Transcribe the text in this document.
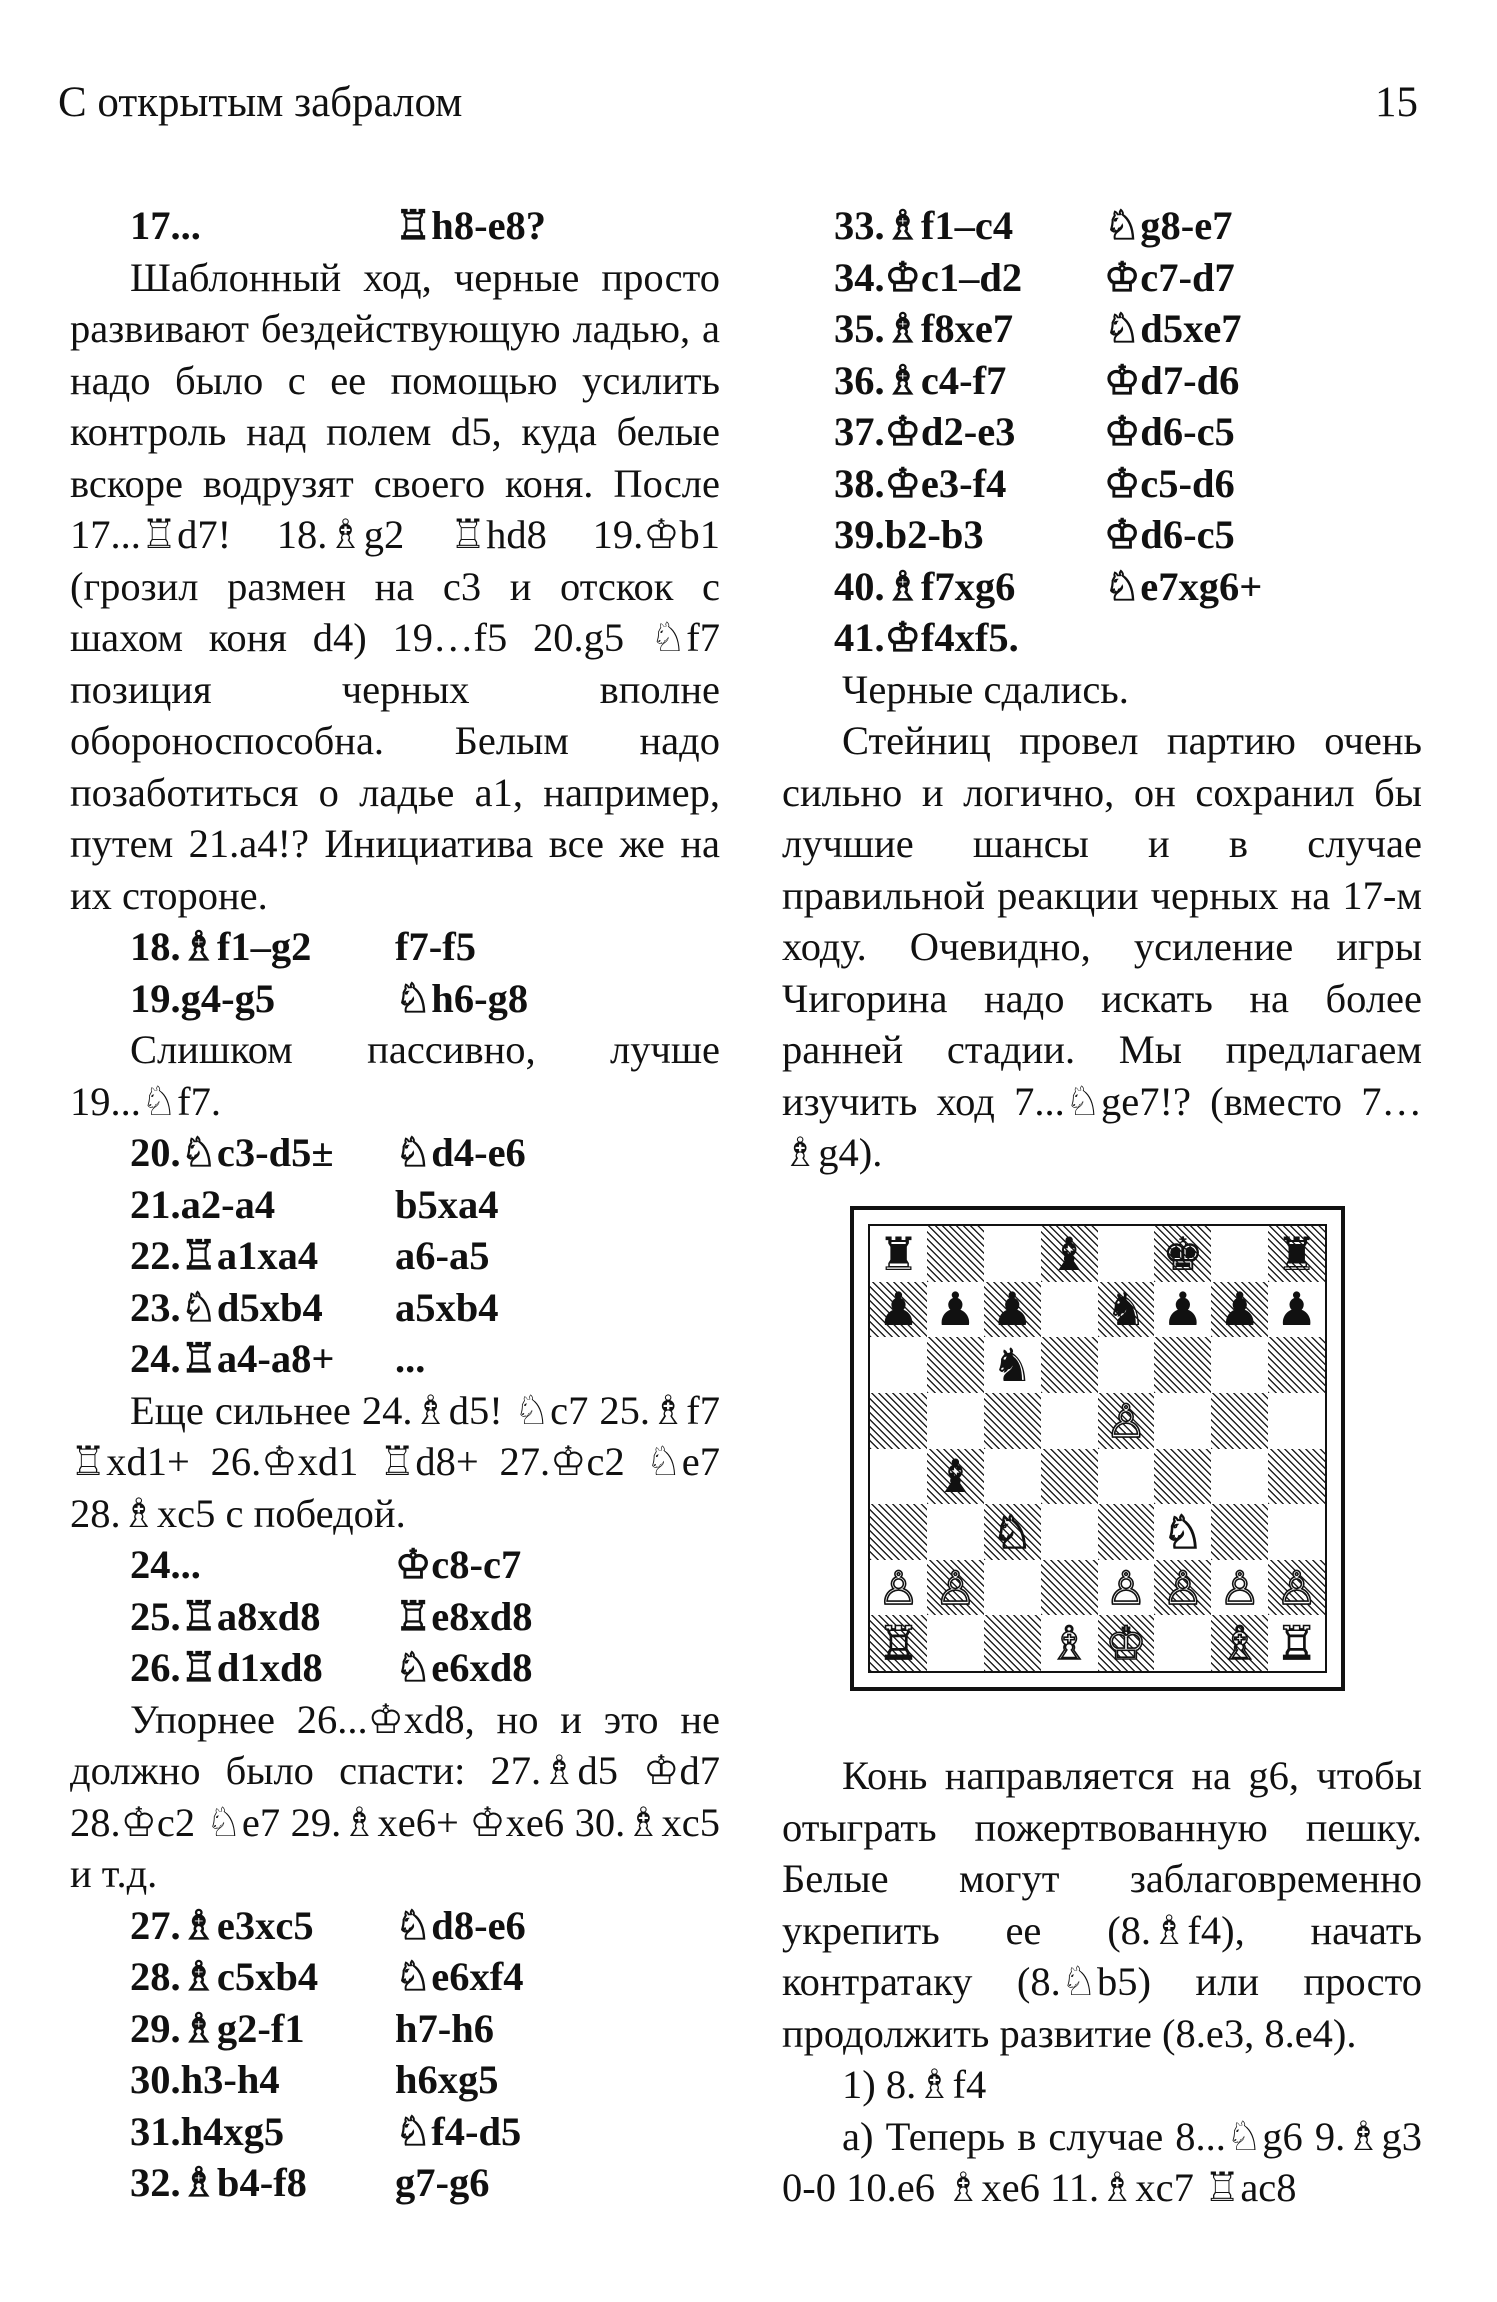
С открытым забралом	15
17...	♖h8-e8?

Шаблонный ход, черные просто развивают бездействующую ладью, а надо было с ее помощью усилить контроль над полем d5, куда белые вскоре водрузят своего коня. После 17...♖d7! 18.♗g2 ♖hd8 19.♔b1 (грозил размен на c3 и отскок с шахом коня d4) 19…f5 20.g5 ♘f7 позиция черных вполне обороноспособна. Белым надо позаботиться о ладье a1, например, путем 21.a4!? Инициатива все же на их стороне.

18.♗f1–g2	f7-f5
19.g4-g5	♘h6-g8

Слишком пассивно, лучше 19...♘f7.

20.♘c3-d5±	♘d4-e6
21.a2-a4	b5xa4
22.♖a1xa4	a6-a5
23.♘d5xb4	a5xb4
24.♖a4-a8+	...

Еще сильнее 24.♗d5! ♘c7 25.♗f7 ♖xd1+ 26.♔xd1 ♖d8+ 27.♔c2 ♘e7 28.♗xc5 с победой.

24...	♔c8-c7
25.♖a8xd8	♖e8xd8
26.♖d1xd8	♘e6xd8

Упорнее 26...♔xd8, но и это не должно было спасти: 27.♗d5 ♔d7 28.♔c2 ♘e7 29.♗xe6+ ♔xe6 30.♗xc5 и т.д.

27.♗e3xc5	♘d8-e6
28.♗c5xb4	♘e6xf4
29.♗g2-f1	h7-h6
30.h3-h4	h6xg5
31.h4xg5	♘f4-d5
32.♗b4-f8	g7-g6
33.♗f1–c4	♘g8-e7
34.♔c1–d2	♔c7-d7
35.♗f8xe7	♘d5xe7
36.♗c4-f7	♔d7-d6
37.♔d2-e3	♔d6-c5
38.♔e3-f4	♔c5-d6
39.b2-b3	♔d6-c5
40.♗f7xg6	♘e7xg6+
41.♔f4xf5.

Черные сдались.

Стейниц провел партию очень сильно и логично, он сохранил бы лучшие шансы и в случае правильной реакции черных на 17-м ходу. Очевидно, усиление игры Чигорина надо искать на более ранней стадии. Мы предлагаем изучить ход 7...♘ge7!? (вместо 7…♗g4).

♜	♝ ♚ ♜
♟ ♟ ♟ ♞ ♟ ♟ ♟
♞
♙
♝
♘	♘
♙ ♙	♙ ♙ ♙ ♙
♖	♗ ♔ ♗ ♖

Конь направляется на g6, чтобы отыграть пожертвованную пешку. Белые могут заблаговременно укрепить ее (8.♗f4), начать контратаку (8.♘b5) или просто продолжить развитие (8.e3, 8.e4).

1) 8.♗f4

а) Теперь в случае 8...♘g6 9.♗g3 0-0 10.e6 ♗xe6 11.♗xc7 ♖ac8
